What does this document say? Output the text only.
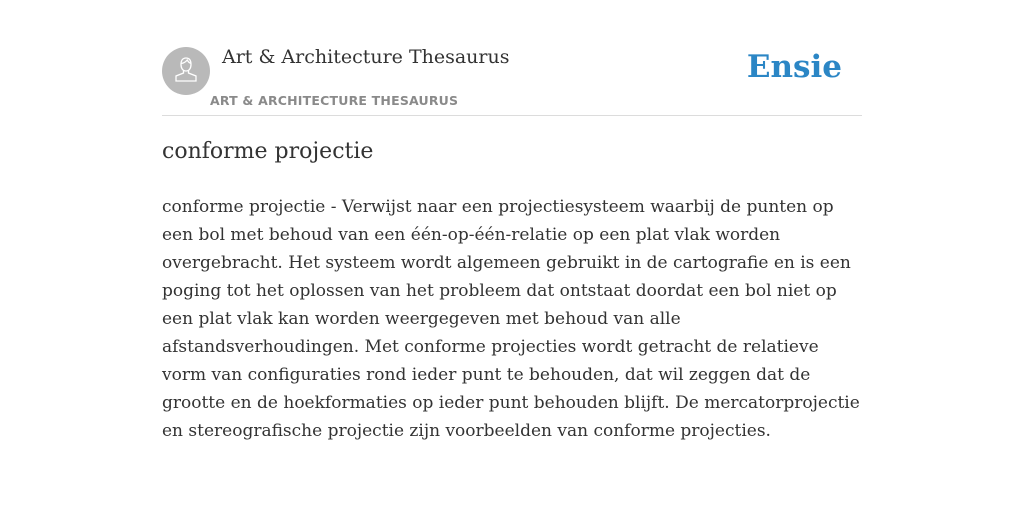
Art & Architecture Thesaurus
ART & ARCHITECTURE THESAURUS
Ensie
conforme projectie

conforme projectie - Verwijst naar een projectiesysteem waarbij de punten op een bol met behoud van een één-op-één-relatie op een plat vlak worden overgebracht. Het systeem wordt algemeen gebruikt in de cartografie en is een poging tot het oplossen van het probleem dat ontstaat doordat een bol niet op een plat vlak kan worden weergegeven met behoud van alle afstandsverhoudingen. Met conforme projecties wordt getracht de relatieve vorm van configuraties rond ieder punt te behouden, dat wil zeggen dat de grootte en de hoekformaties op ieder punt behouden blijft. De mercatorprojectie en stereografische projectie zijn voorbeelden van conforme projecties.
